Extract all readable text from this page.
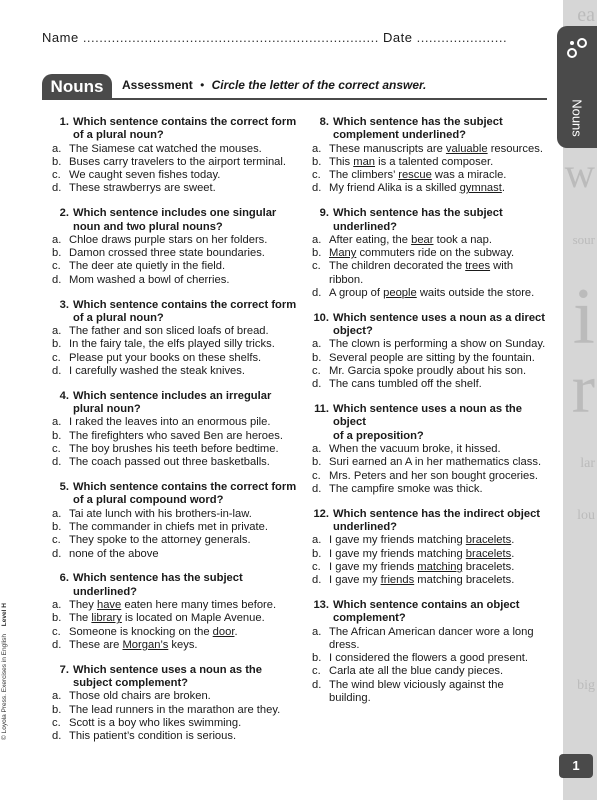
Name ........................................................................ Date ......................
ea
w
sour
i
r
lar
lou
big
Nouns
Nouns	Assessment • Circle the letter of the correct answer.
1. Which sentence contains the correct form
of a plural noun?
a. The Siamese cat watched the mouses.
b. Buses carry travelers to the airport terminal.
c. We caught seven fishes today.
d. These strawberrys are sweet.
2. Which sentence includes one singular
noun and two plural nouns?
a. Chloe draws purple stars on her folders.
b. Damon crossed three state boundaries.
c. The deer ate quietly in the field.
d. Mom washed a bowl of cherries.
3. Which sentence contains the correct form
of a plural noun?
a. The father and son sliced loafs of bread.
b. In the fairy tale, the elfs played silly tricks.
c. Please put your books on these shelfs.
d. I carefully washed the steak knives.
4. Which sentence includes an irregular
plural noun?
a. I raked the leaves into an enormous pile.
b. The firefighters who saved Ben are heroes.
c. The boy brushes his teeth before bedtime.
d. The coach passed out three basketballs.
5. Which sentence contains the correct form
of a plural compound word?
a. Tai ate lunch with his brothers-in-law.
b. The commander in chiefs met in private.
c. They spoke to the attorney generals.
d. none of the above
6. Which sentence has the subject
underlined?
a. They have eaten here many times before.
b. The library is located on Maple Avenue.
c. Someone is knocking on the door.
d. These are Morgan’s keys.
7. Which sentence uses a noun as the
subject complement?
a. Those old chairs are broken.
b. The lead runners in the marathon are they.
c. Scott is a boy who likes swimming.
d. This patient’s condition is serious.
8. Which sentence has the subject
complement underlined?
a. These manuscripts are valuable resources.
b. This man is a talented composer.
c. The climbers’ rescue was a miracle.
d. My friend Alika is a skilled gymnast.
9. Which sentence has the subject
underlined?
a. After eating, the bear took a nap.
b. Many commuters ride on the subway.
c. The children decorated the trees with ribbon.
d. A group of people waits outside the store.
10. Which sentence uses a noun as a direct
object?
a. The clown is performing a show on Sunday.
b. Several people are sitting by the fountain.
c. Mr. Garcia spoke proudly about his son.
d. The cans tumbled off the shelf.
11. Which sentence uses a noun as the object
of a preposition?
a. When the vacuum broke, it hissed.
b. Suri earned an A in her mathematics class.
c. Mrs. Peters and her son bought groceries.
d. The campfire smoke was thick.
12. Which sentence has the indirect object
underlined?
a. I gave my friends matching bracelets.
b. I gave my friends matching bracelets.
c. I gave my friends matching bracelets.
d. I gave my friends matching bracelets.
13. Which sentence contains an object
complement?
a. The African American dancer wore a long dress.
b. I considered the flowers a good present.
c. Carla ate all the blue candy pieces.
d. The wind blew viciously against the building.
© Loyola Press. Exercises in English Level H
1
